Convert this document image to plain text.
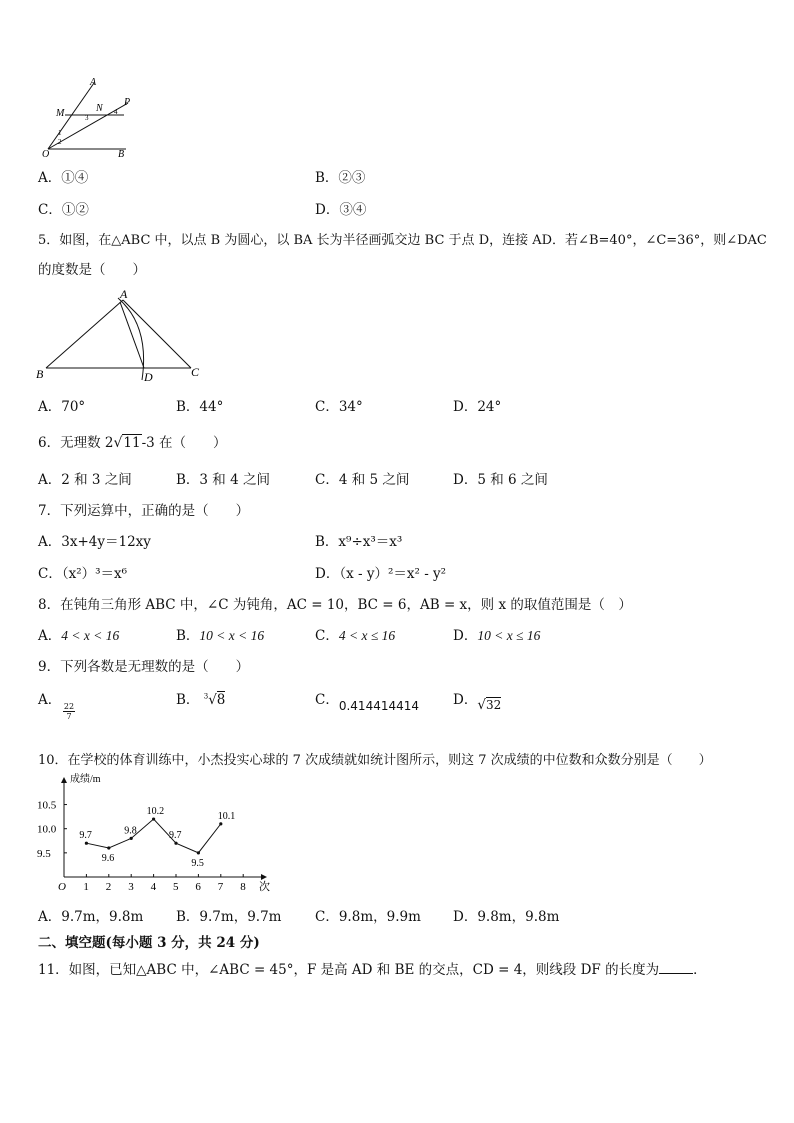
A
M	N
P
3
4
1
2
O	B
A．①④	B．②③
C．①②	D．③④
5．如图，在△ABC 中，以点 B 为圆心，以 BA 长为半径画弧交边 BC 于点 D，连接 AD．若∠B=40°，∠C=36°，则∠DAC
的度数是（　　）
A
B	D	C
A．70°	B．44°	C．34°	D．24°
6．无理数 2√11-3 在（　　）
A．2 和 3 之间	B．3 和 4 之间	C．4 和 5 之间	D．5 和 6 之间
7．下列运算中，正确的是（　　）
A．3x+4y＝12xy	B．x⁹÷x³＝x³
C．（x²）³＝x⁶	D．（x - y）²＝x² - y²
8．在钝角三角形 ABC 中，∠C 为钝角，AC = 10，BC = 6，AB = x，则 x 的取值范围是（　）
A．4 < x < 16	B．10 < x < 16	C．4 < x ≤ 16	D．10 < x ≤ 16
9．下列各数是无理数的是（　　）
A．
$\frac{22}{7}$
B． $^3$√8	C．0.414414414	D．√32
10．在学校的体育训练中，小杰投实心球的 7 次成绩就如统计图所示，则这 7 次成绩的中位数和众数分别是（　　）
成绩/m
次
O 1 2 3 4 5 6 7 8
9.5
10.0
10.5
9.7
9.6
9.8
10.2
9.7
9.5
10.1
A．9.7m，9.8m B．9.7m，9.7m C．9.8m，9.9m D．9.8m，9.8m
二、填空题(每小题 3 分，共 24 分)
11．如图，已知△ABC 中，∠ABC = 45°，F 是高 AD 和 BE 的交点，CD = 4，则线段 DF 的长度为	．
